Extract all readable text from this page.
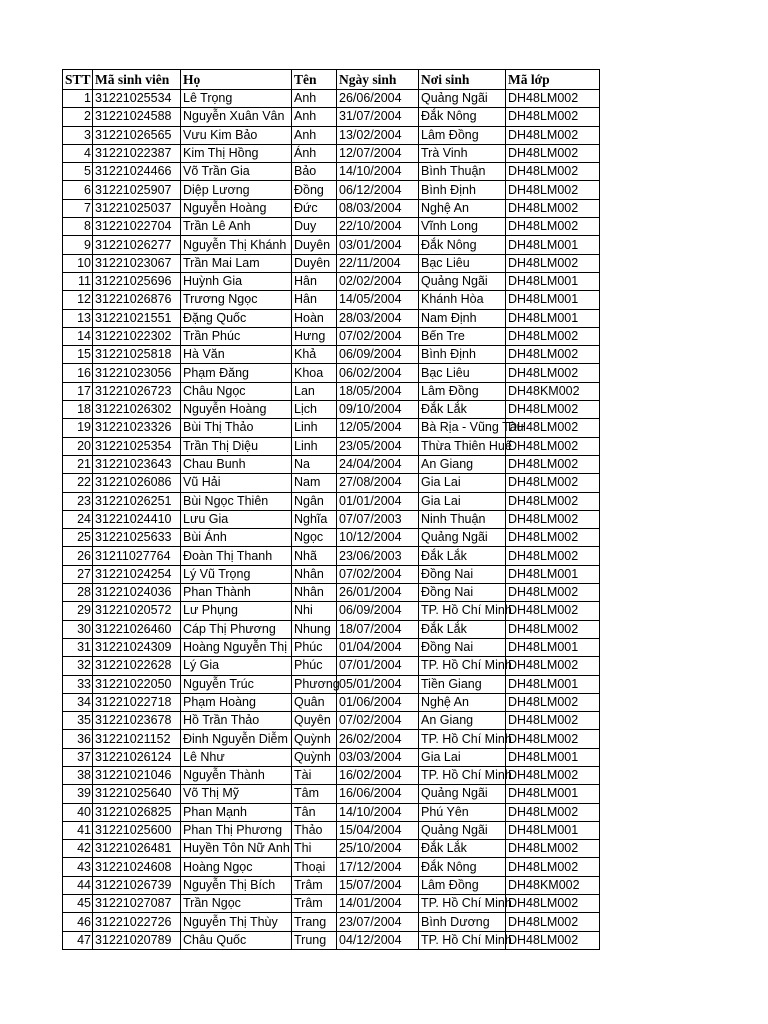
STT	Mã sinh viên	Họ	Tên	Ngày sinh	Nơi sinh	Mã lớp
1	31221025534	Lê Trọng	Anh	26/06/2004	Quảng Ngãi	DH48LM002
2	31221024588	Nguyễn Xuân Vân	Anh	31/07/2004	Đắk Nông	DH48LM002
3	31221026565	Vưu Kim Bảo	Anh	13/02/2004	Lâm Đồng	DH48LM002
4	31221022387	Kim Thị Hồng	Ánh	12/07/2004	Trà Vinh	DH48LM002
5	31221024466	Võ Trần Gia	Bảo	14/10/2004	Bình Thuận	DH48LM002
6	31221025907	Diệp Lương	Đồng	06/12/2004	Bình Định	DH48LM002
7	31221025037	Nguyễn Hoàng	Đức	08/03/2004	Nghệ An	DH48LM002
8	31221022704	Trần Lê Anh	Duy	22/10/2004	Vĩnh Long	DH48LM002
9	31221026277	Nguyễn Thị Khánh	Duyên	03/01/2004	Đắk Nông	DH48LM001
10	31221023067	Trần Mai Lam	Duyên	22/11/2004	Bạc Liêu	DH48LM002
11	31221025696	Huỳnh Gia	Hân	02/02/2004	Quảng Ngãi	DH48LM001
12	31221026876	Trương Ngọc	Hân	14/05/2004	Khánh Hòa	DH48LM001
13	31221021551	Đặng Quốc	Hoàn	28/03/2004	Nam Định	DH48LM001
14	31221022302	Trần Phúc	Hưng	07/02/2004	Bến Tre	DH48LM002
15	31221025818	Hà Văn	Khả	06/09/2004	Bình Định	DH48LM002
16	31221023056	Phạm Đăng	Khoa	06/02/2004	Bạc Liêu	DH48LM002
17	31221026723	Châu Ngọc	Lan	18/05/2004	Lâm Đồng	DH48KM002
18	31221026302	Nguyễn Hoàng	Lịch	09/10/2004	Đắk Lắk	DH48LM002
19	31221023326	Bùi Thị Thảo	Linh	12/05/2004	Bà Rịa - Vũng Tàu	DH48LM002
20	31221025354	Trần Thị Diệu	Linh	23/05/2004	Thừa Thiên Huế	DH48LM002
21	31221023643	Chau Bunh	Na	24/04/2004	An Giang	DH48LM002
22	31221026086	Vũ Hải	Nam	27/08/2004	Gia Lai	DH48LM002
23	31221026251	Bùi Ngọc Thiên	Ngân	01/01/2004	Gia Lai	DH48LM002
24	31221024410	Lưu Gia	Nghĩa	07/07/2003	Ninh Thuận	DH48LM002
25	31221025633	Bùi Ánh	Ngọc	10/12/2004	Quảng Ngãi	DH48LM002
26	31211027764	Đoàn Thị Thanh	Nhã	23/06/2003	Đắk Lắk	DH48LM002
27	31221024254	Lý Vũ Trọng	Nhân	07/02/2004	Đồng Nai	DH48LM001
28	31221024036	Phan Thành	Nhân	26/01/2004	Đồng Nai	DH48LM002
29	31221020572	Lư Phụng	Nhi	06/09/2004	TP. Hồ Chí Minh	DH48LM002
30	31221026460	Cáp Thị Phương	Nhung	18/07/2004	Đắk Lắk	DH48LM002
31	31221024309	Hoàng Nguyễn Thị	Phúc	01/04/2004	Đồng Nai	DH48LM001
32	31221022628	Lý Gia	Phúc	07/01/2004	TP. Hồ Chí Minh	DH48LM002
33	31221022050	Nguyễn Trúc	Phương	05/01/2004	Tiền Giang	DH48LM001
34	31221022718	Phạm Hoàng	Quân	01/06/2004	Nghệ An	DH48LM002
35	31221023678	Hồ Trần Thảo	Quyên	07/02/2004	An Giang	DH48LM002
36	31221021152	Đinh Nguyễn Diễm	Quỳnh	26/02/2004	TP. Hồ Chí Minh	DH48LM002
37	31221026124	Lê Như	Quỳnh	03/03/2004	Gia Lai	DH48LM001
38	31221021046	Nguyễn Thành	Tài	16/02/2004	TP. Hồ Chí Minh	DH48LM002
39	31221025640	Võ Thị Mỹ	Tâm	16/06/2004	Quảng Ngãi	DH48LM001
40	31221026825	Phan Mạnh	Tân	14/10/2004	Phú Yên	DH48LM002
41	31221025600	Phan Thị Phương	Thảo	15/04/2004	Quảng Ngãi	DH48LM001
42	31221026481	Huyền Tôn Nữ Anh	Thi	25/10/2004	Đắk Lắk	DH48LM002
43	31221024608	Hoàng Ngọc	Thoại	17/12/2004	Đắk Nông	DH48LM002
44	31221026739	Nguyễn Thị Bích	Trâm	15/07/2004	Lâm Đồng	DH48KM002
45	31221027087	Trần Ngọc	Trâm	14/01/2004	TP. Hồ Chí Minh	DH48LM002
46	31221022726	Nguyễn Thị Thùy	Trang	23/07/2004	Bình Dương	DH48LM002
47	31221020789	Châu Quốc	Trung	04/12/2004	TP. Hồ Chí Minh	DH48LM002
